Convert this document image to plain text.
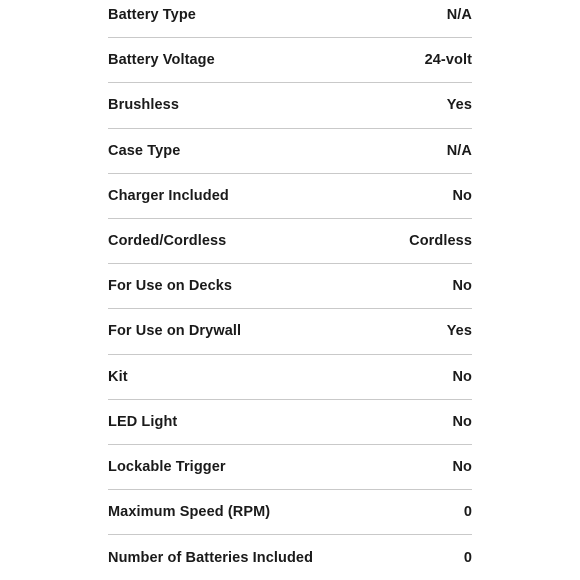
Battery Type	N/A
Battery Voltage	24-volt
Brushless	Yes
Case Type	N/A
Charger Included	No
Corded/Cordless	Cordless
For Use on Decks	No
For Use on Drywall	Yes
Kit	No
LED Light	No
Lockable Trigger	No
Maximum Speed (RPM)	0
Number of Batteries Included	0
